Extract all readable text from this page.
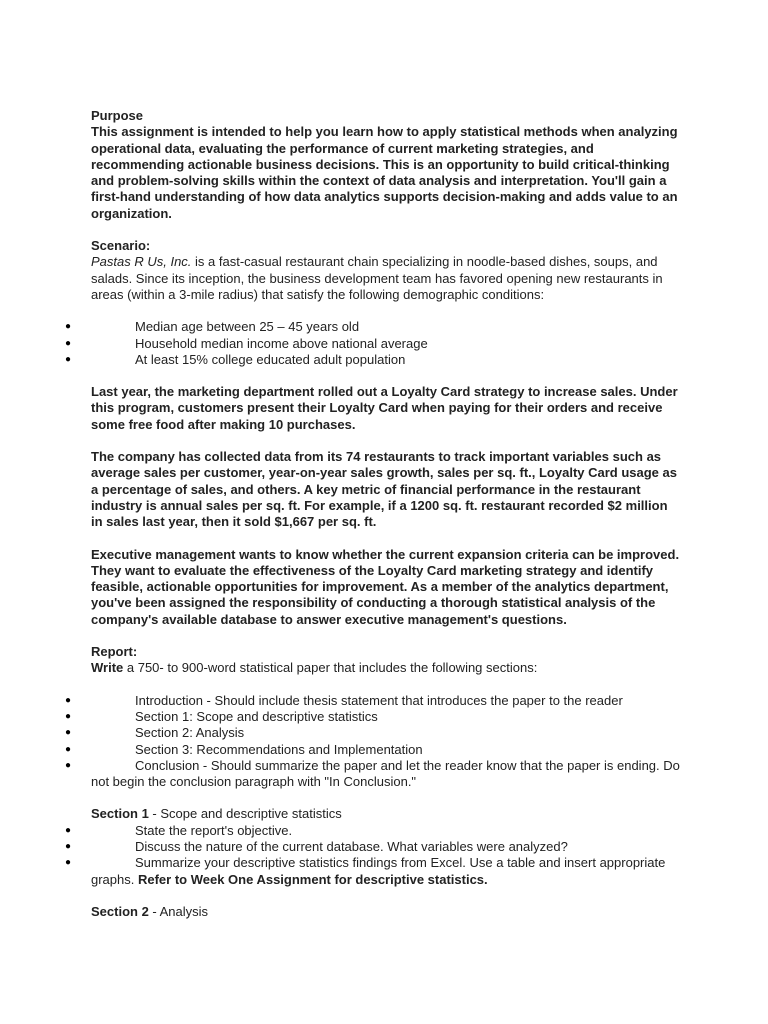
Purpose

This assignment is intended to help you learn how to apply statistical methods when analyzing operational data, evaluating the performance of current marketing strategies, and recommending actionable business decisions. This is an opportunity to build critical-thinking and problem-solving skills within the context of data analysis and interpretation. You'll gain a first-hand understanding of how data analytics supports decision-making and adds value to an organization.

Scenario:

Pastas R Us, Inc. is a fast-casual restaurant chain specializing in noodle-based dishes, soups, and salads. Since its inception, the business development team has favored opening new restaurants in areas (within a 3-mile radius) that satisfy the following demographic conditions:

●	Median age between 25 – 45 years old
●	Household median income above national average
●	At least 15% college educated adult population

Last year, the marketing department rolled out a Loyalty Card strategy to increase sales. Under this program, customers present their Loyalty Card when paying for their orders and receive some free food after making 10 purchases.

The company has collected data from its 74 restaurants to track important variables such as average sales per customer, year-on-year sales growth, sales per sq. ft., Loyalty Card usage as a percentage of sales, and others. A key metric of financial performance in the restaurant industry is annual sales per sq. ft. For example, if a 1200 sq. ft. restaurant recorded $2 million in sales last year, then it sold $1,667 per sq. ft.

Executive management wants to know whether the current expansion criteria can be improved. They want to evaluate the effectiveness of the Loyalty Card marketing strategy and identify feasible, actionable opportunities for improvement. As a member of the analytics department, you've been assigned the responsibility of conducting a thorough statistical analysis of the company's available database to answer executive management's questions.

Report:

Write a 750- to 900-word statistical paper that includes the following sections:

●	Introduction - Should include thesis statement that introduces the paper to the reader
●	Section 1: Scope and descriptive statistics
●	Section 2: Analysis
●	Section 3: Recommendations and Implementation
●	Conclusion - Should summarize the paper and let the reader know that the paper is ending. Do not begin the conclusion paragraph with "In Conclusion."

Section 1 - Scope and descriptive statistics

●	State the report's objective.
●	Discuss the nature of the current database. What variables were analyzed?
●	Summarize your descriptive statistics findings from Excel. Use a table and insert appropriate graphs. Refer to Week One Assignment for descriptive statistics.

Section 2 - Analysis
